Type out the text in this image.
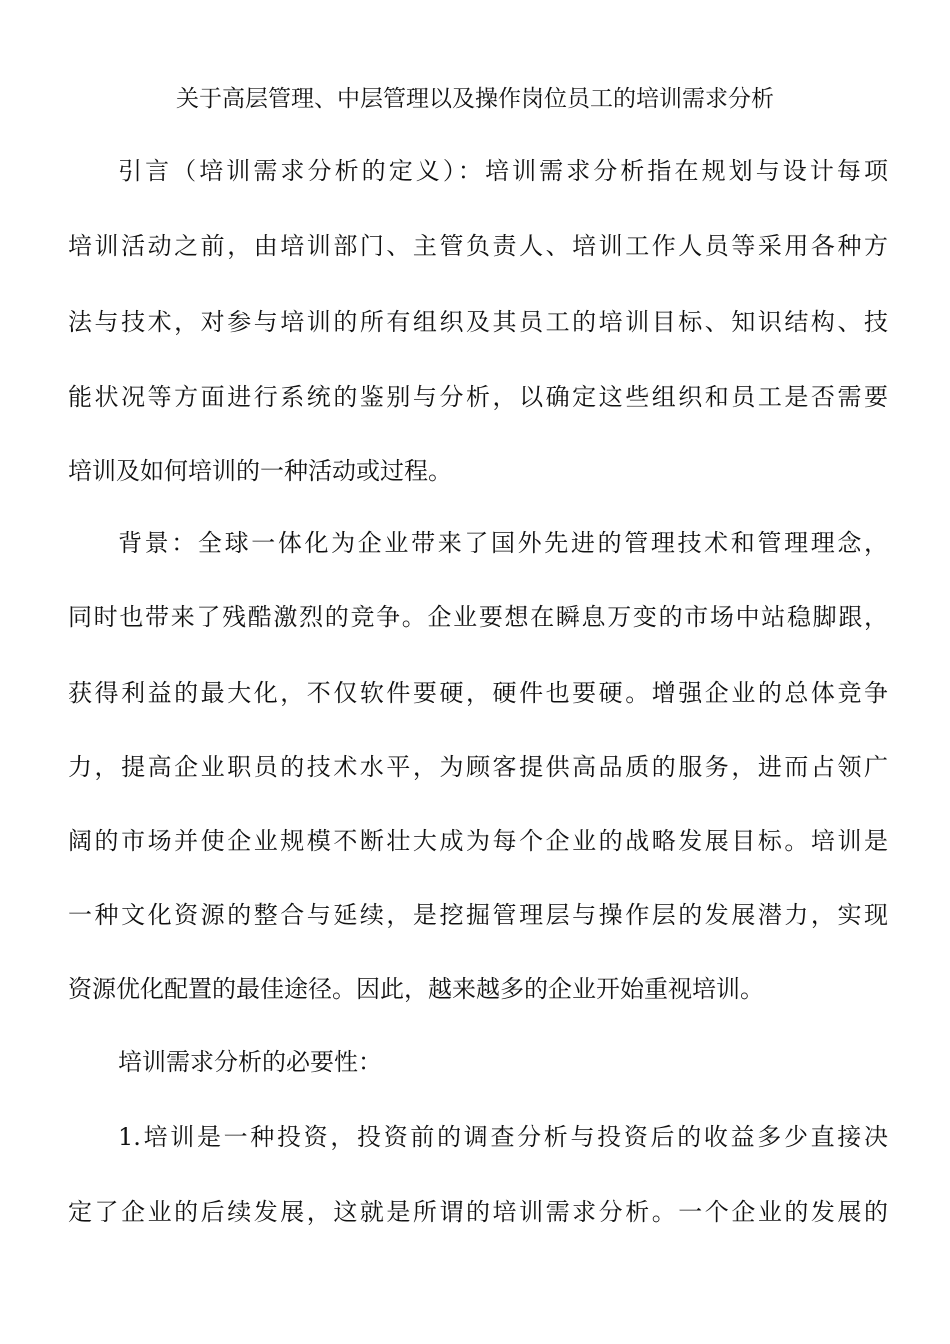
关于高层管理、中层管理以及操作岗位员工的培训需求分析
引言（培训需求分析的定义）：培训需求分析指在规划与设计每项
培训活动之前，由培训部门、主管负责人、培训工作人员等采用各种方
法与技术，对参与培训的所有组织及其员工的培训目标、知识结构、技
能状况等方面进行系统的鉴别与分析，以确定这些组织和员工是否需要
培训及如何培训的一种活动或过程。
背景：全球一体化为企业带来了国外先进的管理技术和管理理念，
同时也带来了残酷激烈的竞争。企业要想在瞬息万变的市场中站稳脚跟，
获得利益的最大化，不仅软件要硬，硬件也要硬。增强企业的总体竞争
力，提高企业职员的技术水平，为顾客提供高品质的服务，进而占领广
阔的市场并使企业规模不断壮大成为每个企业的战略发展目标。培训是
一种文化资源的整合与延续，是挖掘管理层与操作层的发展潜力，实现
资源优化配置的最佳途径。因此，越来越多的企业开始重视培训。
培训需求分析的必要性：
1.培训是一种投资，投资前的调查分析与投资后的收益多少直接决
定了企业的后续发展，这就是所谓的培训需求分析。一个企业的发展的
